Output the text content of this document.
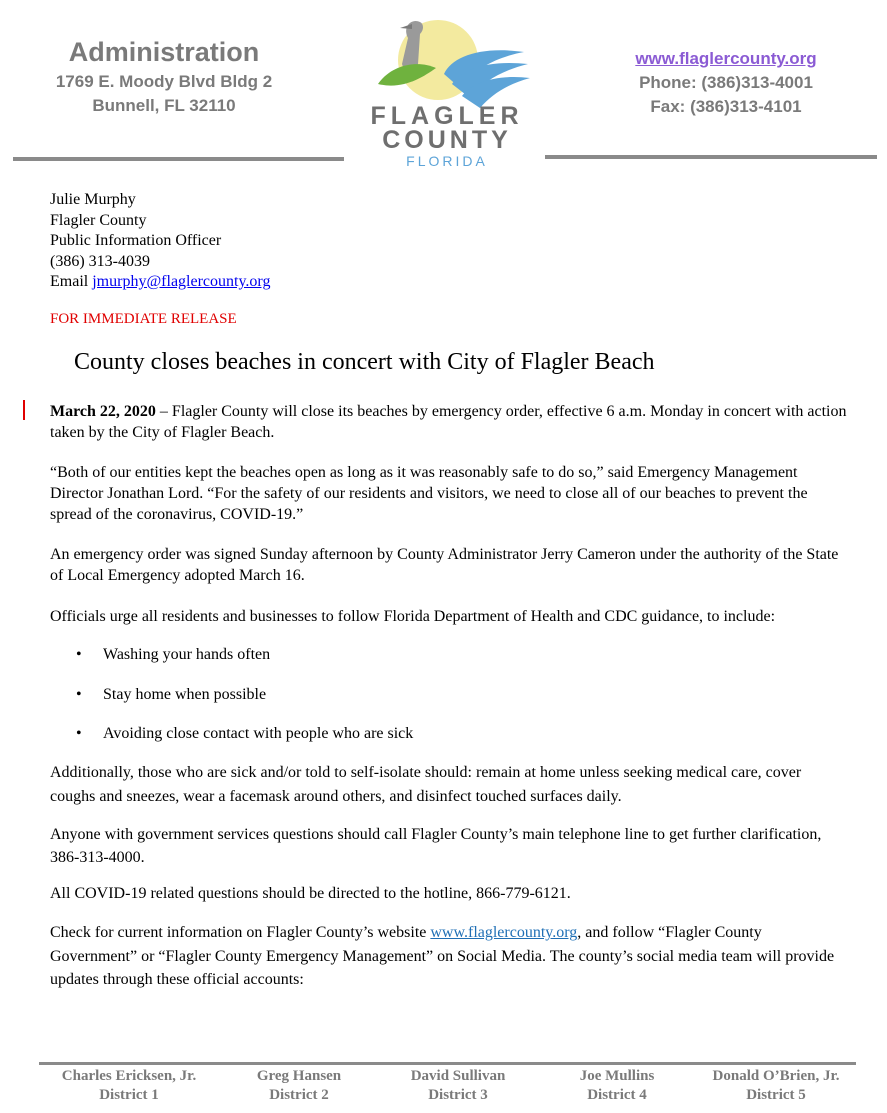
Administration
1769 E. Moody Blvd Bldg 2
Bunnell, FL 32110	FLAGLER
COUNTY
FLORIDA
www.flaglercounty.org
Phone: (386)313-4001
Fax: (386)313-4101
Julie Murphy
Flagler County
Public Information Officer
(386) 313-4039
Email jmurphy@flaglercounty.org
FOR IMMEDIATE RELEASE
County closes beaches in concert with City of Flagler Beach

March 22, 2020 – Flagler County will close its beaches by emergency order, effective 6 a.m. Monday in concert with action taken by the City of Flagler Beach.

“Both of our entities kept the beaches open as long as it was reasonably safe to do so,” said Emergency Management Director Jonathan Lord. “For the safety of our residents and visitors, we need to close all of our beaches to prevent the spread of the coronavirus, COVID-19.”

An emergency order was signed Sunday afternoon by County Administrator Jerry Cameron under the authority of the State of Local Emergency adopted March 16.

Officials urge all residents and businesses to follow Florida Department of Health and CDC guidance, to include:

• Washing your hands often
• Stay home when possible
• Avoiding close contact with people who are sick

Additionally, those who are sick and/or told to self-isolate should: remain at home unless seeking medical care, cover coughs and sneezes, wear a facemask around others, and disinfect touched surfaces daily.

Anyone with government services questions should call Flagler County’s main telephone line to get further clarification, 386-313-4000.

All COVID-19 related questions should be directed to the hotline, 866-779-6121.

Check for current information on Flagler County’s website www.flaglercounty.org, and follow “Flagler County Government” or “Flagler County Emergency Management” on Social Media. The county’s social media team will provide updates through these official accounts:

Charles Ericksen, Jr.
District 1
Greg Hansen
District 2
David Sullivan
District 3
Joe Mullins
District 4
Donald O’Brien, Jr.
District 5
